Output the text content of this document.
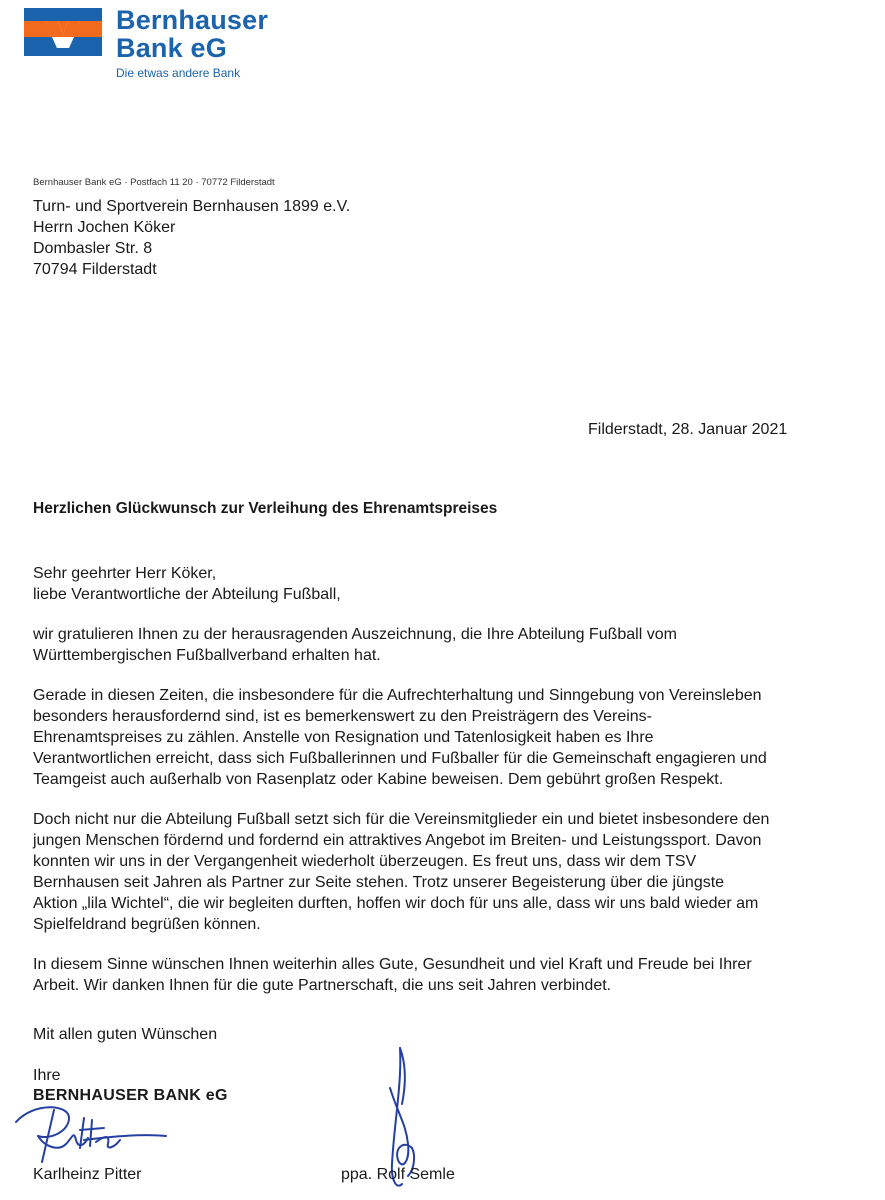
Bernhauser
Bank eG
Die etwas andere Bank
Bernhauser Bank eG · Postfach 11 20 · 70772 Filderstadt
Turn- und Sportverein Bernhausen 1899 e.V.
Herrn Jochen Köker
Dombasler Str. 8
70794 Filderstadt
Filderstadt, 28. Januar 2021
Herzlichen Glückwunsch zur Verleihung des Ehrenamtspreises
Sehr geehrter Herr Köker,
liebe Verantwortliche der Abteilung Fußball,
wir gratulieren Ihnen zu der herausragenden Auszeichnung, die Ihre Abteilung Fußball vom
Württembergischen Fußballverband erhalten hat.
Gerade in diesen Zeiten, die insbesondere für die Aufrechterhaltung und Sinngebung von Vereinsleben
besonders herausfordernd sind, ist es bemerkenswert zu den Preisträgern des Vereins-
Ehrenamtspreises zu zählen. Anstelle von Resignation und Tatenlosigkeit haben es Ihre
Verantwortlichen erreicht, dass sich Fußballerinnen und Fußballer für die Gemeinschaft engagieren und
Teamgeist auch außerhalb von Rasenplatz oder Kabine beweisen. Dem gebührt großen Respekt.
Doch nicht nur die Abteilung Fußball setzt sich für die Vereinsmitglieder ein und bietet insbesondere den
jungen Menschen fördernd und fordernd ein attraktives Angebot im Breiten- und Leistungssport. Davon
konnten wir uns in der Vergangenheit wiederholt überzeugen. Es freut uns, dass wir dem TSV
Bernhausen seit Jahren als Partner zur Seite stehen. Trotz unserer Begeisterung über die jüngste
Aktion „lila Wichtel“, die wir begleiten durften, hoffen wir doch für uns alle, dass wir uns bald wieder am
Spielfeldrand begrüßen können.
In diesem Sinne wünschen Ihnen weiterhin alles Gute, Gesundheit und viel Kraft und Freude bei Ihrer
Arbeit. Wir danken Ihnen für die gute Partnerschaft, die uns seit Jahren verbindet.
Mit allen guten Wünschen
Ihre
BERNHAUSER BANK eG
Karlheinz Pitter	ppa. Rolf Semle
